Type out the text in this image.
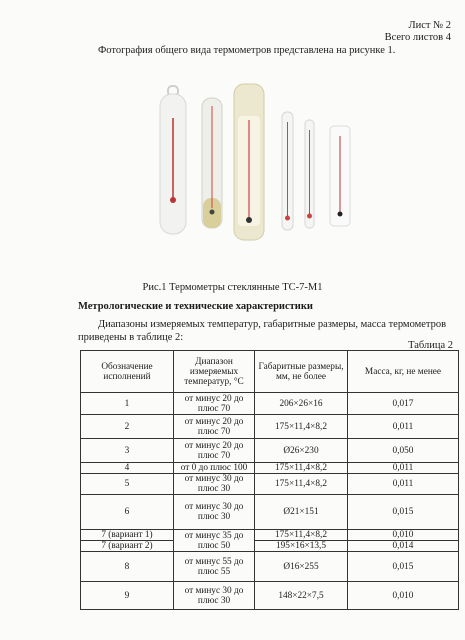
Лист № 2
Всего листов 4
Фотография общего вида термометров представлена на рисунке 1.
Рис.1 Термометры стеклянные ТС-7-М1
Метрологические и технические характеристики
Диапазоны измеряемых температур, габаритные размеры, масса термометров приведены в таблице 2:
Таблица 2
Обозначение исполнений	Диапазон измеряемых температур, °С	Габаритные размеры, мм, не более	Масса, кг, не менее
1	от минус 20 до плюс 70	206×26×16	0,017
2	от минус 20 до плюс 70	175×11,4×8,2	0,011
3	от минус 20 до плюс 70	Ø26×230	0,050
4	от 0 до плюс 100	175×11,4×8,2	0,011
5	от минус 30 до плюс 30	175×11,4×8,2	0,011
6	от минус 30 до плюс 30	Ø21×151	0,015
7 (вариант 1)	от минус 35 до плюс 50	175×11,4×8,2	0,010
7 (вариант 2)		195×16×13,5	0,014
8	от минус 55 до плюс 55	Ø16×255	0,015
9	от минус 30 до плюс 30	148×22×7,5	0,010
